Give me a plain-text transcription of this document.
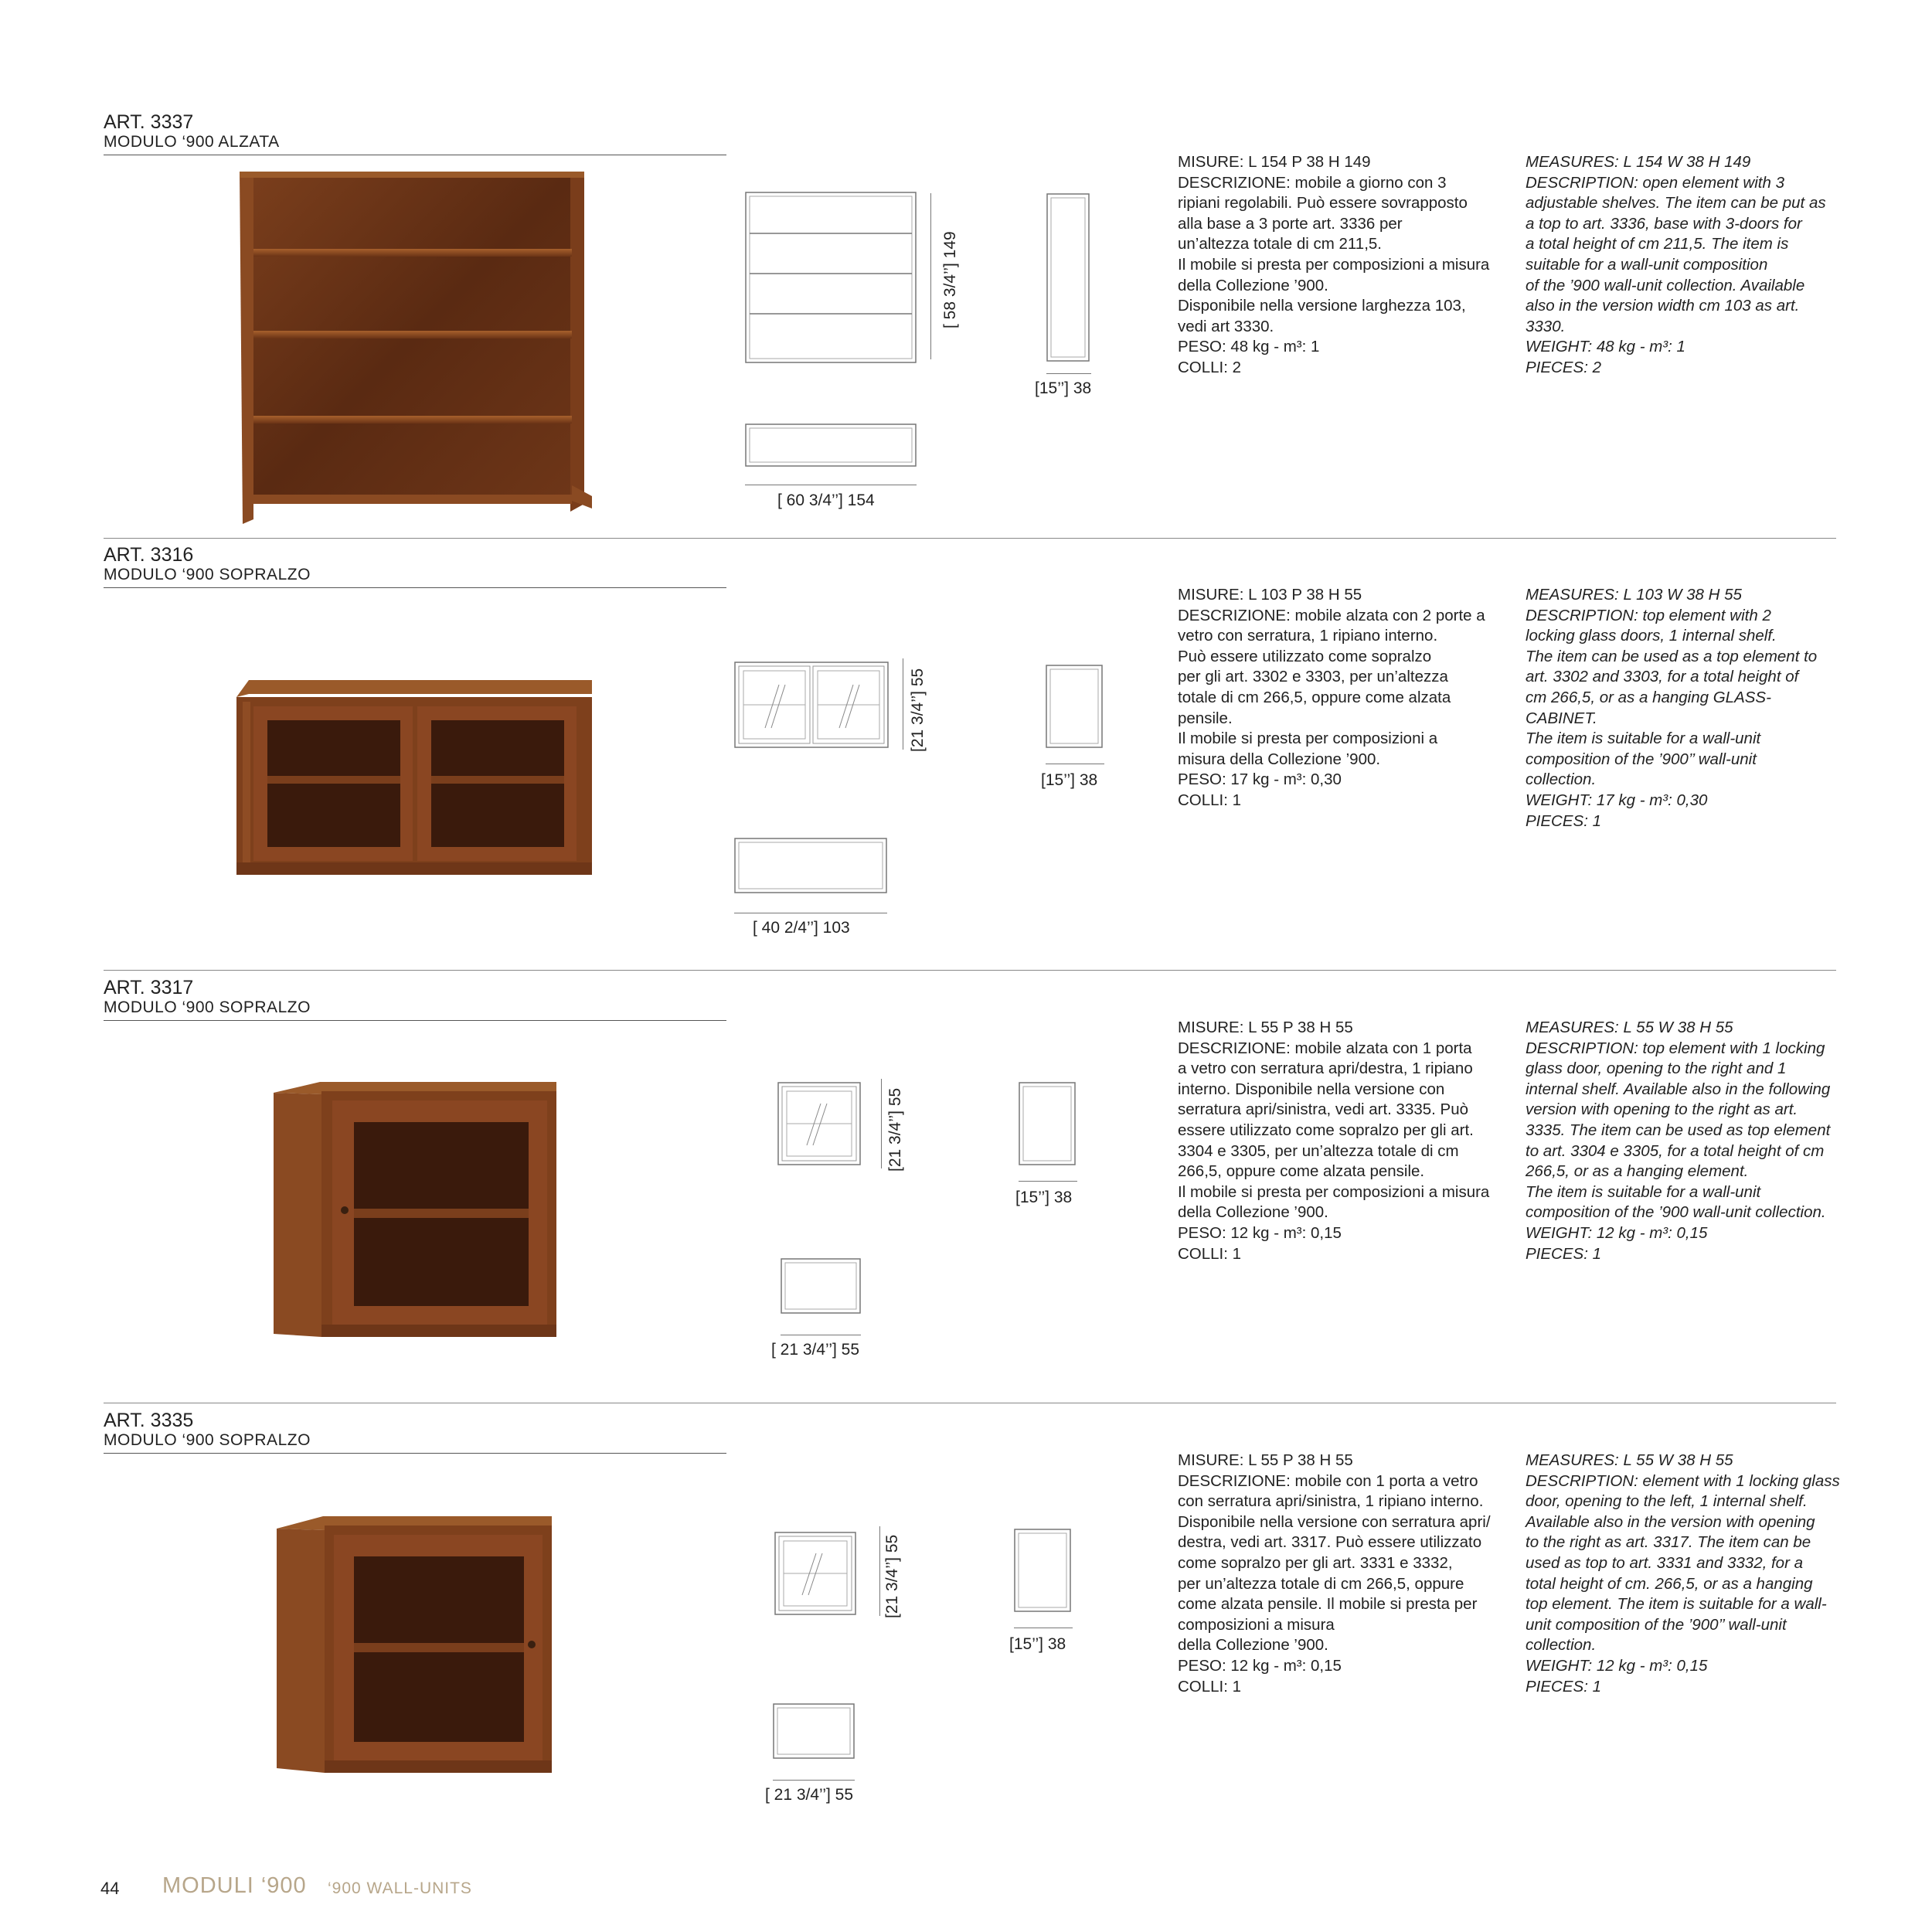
ART. 3337
MODULO ‘900 ALZATA
[ 58 3/4’’] 149
[15’’] 38
[ 60 3/4’’] 154
MISURE: L 154 P 38 H 149
DESCRIZIONE: mobile a giorno con 3
ripiani regolabili. Può essere sovrapposto
alla base a 3 porte art. 3336 per
un’altezza totale di cm 211,5.
Il mobile si presta per composizioni a misura
della Collezione ’900.
Disponibile nella versione larghezza 103,
vedi art 3330.
PESO: 48 kg - m³: 1
COLLI: 2
MEASURES: L 154 W 38 H 149
DESCRIPTION: open element with 3
adjustable shelves. The item can be put as
a top to art. 3336, base with 3-doors for
a total height of cm 211,5. The item is
suitable for a wall-unit composition
of the ’900 wall-unit collection. Available
also in the version width cm 103 as art.
3330.
WEIGHT: 48 kg - m³: 1
PIECES: 2
ART. 3316
MODULO ‘900 SOPRALZO
[21 3/4’’] 55
[15’’] 38
[ 40 2/4’’] 103
MISURE: L 103 P 38 H 55
DESCRIZIONE: mobile alzata con 2 porte a
vetro con serratura, 1 ripiano interno.
Può essere utilizzato come sopralzo
per gli art. 3302 e 3303, per un’altezza
totale di cm 266,5, oppure come alzata
pensile.
Il mobile si presta per composizioni a
misura della Collezione ’900.
PESO: 17 kg - m³: 0,30
COLLI: 1
MEASURES: L 103 W 38 H 55
DESCRIPTION: top element with 2
locking glass doors, 1 internal shelf.
The item can be used as a top element to
art. 3302 and 3303, for a total height of
cm 266,5, or as a hanging GLASS-
CABINET.
The item is suitable for a wall-unit
composition of the ’900’’ wall-unit
collection.
WEIGHT: 17 kg - m³: 0,30
PIECES: 1
ART. 3317
MODULO ‘900 SOPRALZO
[21 3/4’’] 55
[15’’] 38
[ 21 3/4’’] 55
MISURE: L 55 P 38 H 55
DESCRIZIONE: mobile alzata con 1 porta
a vetro con serratura apri/destra, 1 ripiano
interno. Disponibile nella versione con
serratura apri/sinistra, vedi art. 3335. Può
essere utilizzato come sopralzo per gli art.
3304 e 3305, per un’altezza totale di cm
266,5, oppure come alzata pensile.
Il mobile si presta per composizioni a misura
della Collezione ’900.
PESO: 12 kg - m³: 0,15
COLLI: 1
MEASURES: L 55 W 38 H 55
DESCRIPTION: top element with 1 locking
glass door, opening to the right and 1
internal shelf. Available also in the following
version with opening to the right as art.
3335. The item can be used as top element
to art. 3304 e 3305, for a total height of cm
266,5, or as a hanging element.
The item is suitable for a wall-unit
composition of the ’900 wall-unit collection.
WEIGHT: 12 kg - m³: 0,15
PIECES: 1
ART. 3335
MODULO ‘900 SOPRALZO
[21 3/4’’] 55
[15’’] 38
[ 21 3/4’’] 55
MISURE: L 55 P 38 H 55
DESCRIZIONE: mobile con 1 porta a vetro
con serratura apri/sinistra, 1 ripiano interno.
Disponibile nella versione con serratura apri/
destra, vedi art. 3317. Può essere utilizzato
come sopralzo per gli art. 3331 e 3332,
per un’altezza totale di cm 266,5, oppure
come alzata pensile. Il mobile si presta per
composizioni a misura
della Collezione ’900.
PESO: 12 kg - m³: 0,15
COLLI: 1
MEASURES: L 55 W 38 H 55
DESCRIPTION: element with 1 locking glass
door, opening to the left, 1 internal shelf.
Available also in the version with opening
to the right as art. 3317. The item can be
used as top to art. 3331 and 3332, for a
total height of cm. 266,5, or as a hanging
top element. The item is suitable for a wall-
unit composition of the ’900’’ wall-unit
collection.
WEIGHT: 12 kg - m³: 0,15
PIECES: 1
44 MODULI ‘900 ‘900 WALL-UNITS
